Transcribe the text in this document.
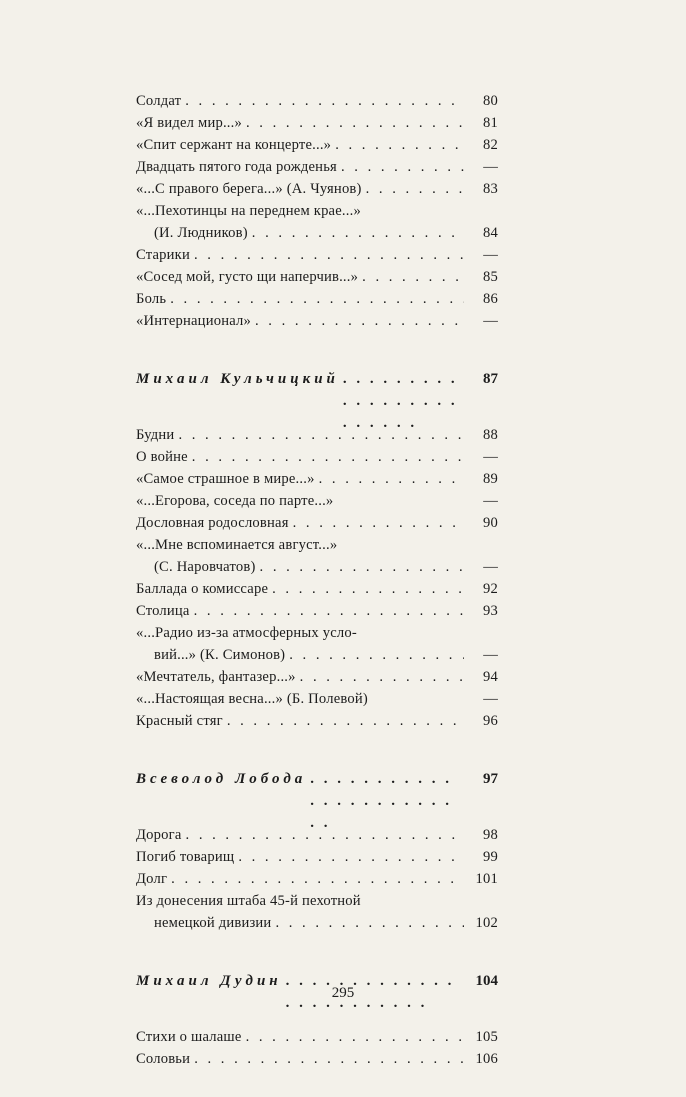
Солдат . . .	80
«Я видел мир...» . . .	81
«Спит сержант на концерте...» . . .	82
Двадцать пятого года рожденья . . .	—
«...С правого берега...» (А. Чуянов) . . .	83
«...Пехотинцы на переднем крае...»
(И. Людников) . . .	84
Старики . . .	—
«Сосед мой, густо щи наперчив...» . . .	85
Боль . . .	86
«Интернационал» . . .	—
Михаил Кульчицкий . . .	87
Будни . . .	88
О войне . . .	—
«Самое страшное в мире...» . . .	89
«...Егорова, соседа по парте...»	—
Дословная родословная . . .	90
«...Мне вспоминается август...»
(С. Наровчатов) . . .	—
Баллада о комиссаре . . .	92
Столица . . .	93
«...Радио из-за атмосферных усло-
вий...» (К. Симонов) . . .	—
«Мечтатель, фантазер...» . . .	94
«...Настоящая весна...» (Б. Полевой)	—
Красный стяг . . .	96
Всеволод Лобода . . .	97
Дорога . . .	98
Погиб товарищ . . .	99
Долг . . .	101
Из донесения штаба 45-й пехотной
немецкой дивизии . . .	102
Михаил Дудин . . .	104
Стихи о шалаше . . .	105
Соловьи . . .	106
295
